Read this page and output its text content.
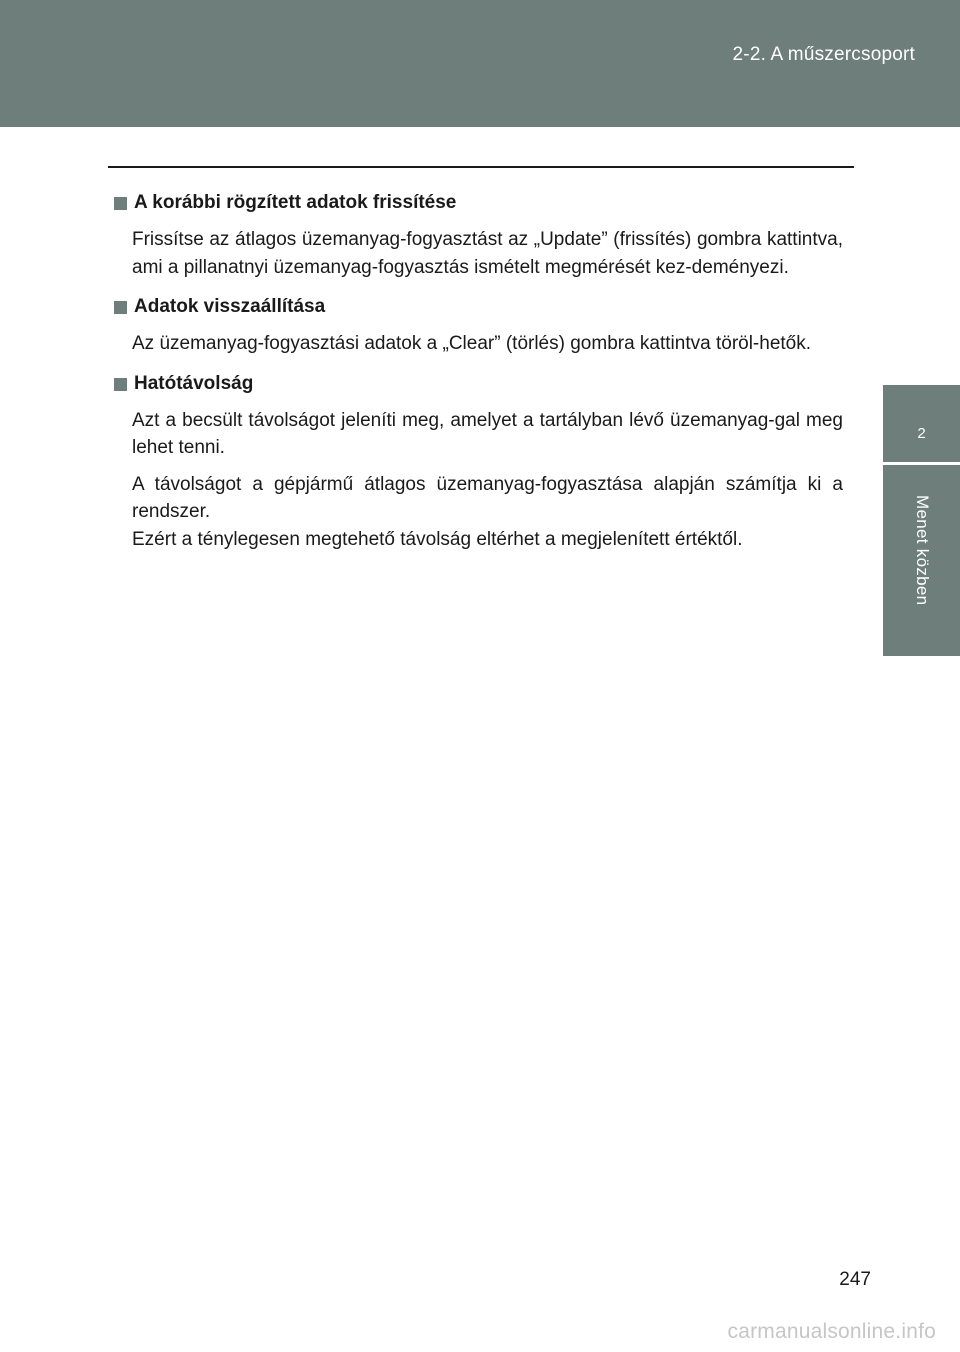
2-2. A műszercsoport
2
Menet közben
A korábbi rögzített adatok frissítése

Frissítse az átlagos üzemanyag-fogyasztást az „Update” (frissítés) gombra kattintva, ami a pillanatnyi üzemanyag-fogyasztás ismételt megmérését kez-deményezi.

Adatok visszaállítása

Az üzemanyag-fogyasztási adatok a „Clear” (törlés) gombra kattintva töröl-hetők.

Hatótávolság

Azt a becsült távolságot jeleníti meg, amelyet a tartályban lévő üzemanyag-gal meg lehet tenni.

A távolságot a gépjármű átlagos üzemanyag-fogyasztása alapján számítja ki a rendszer.

Ezért a ténylegesen megtehető távolság eltérhet a megjelenített értéktől.

247
carmanualsonline.info
